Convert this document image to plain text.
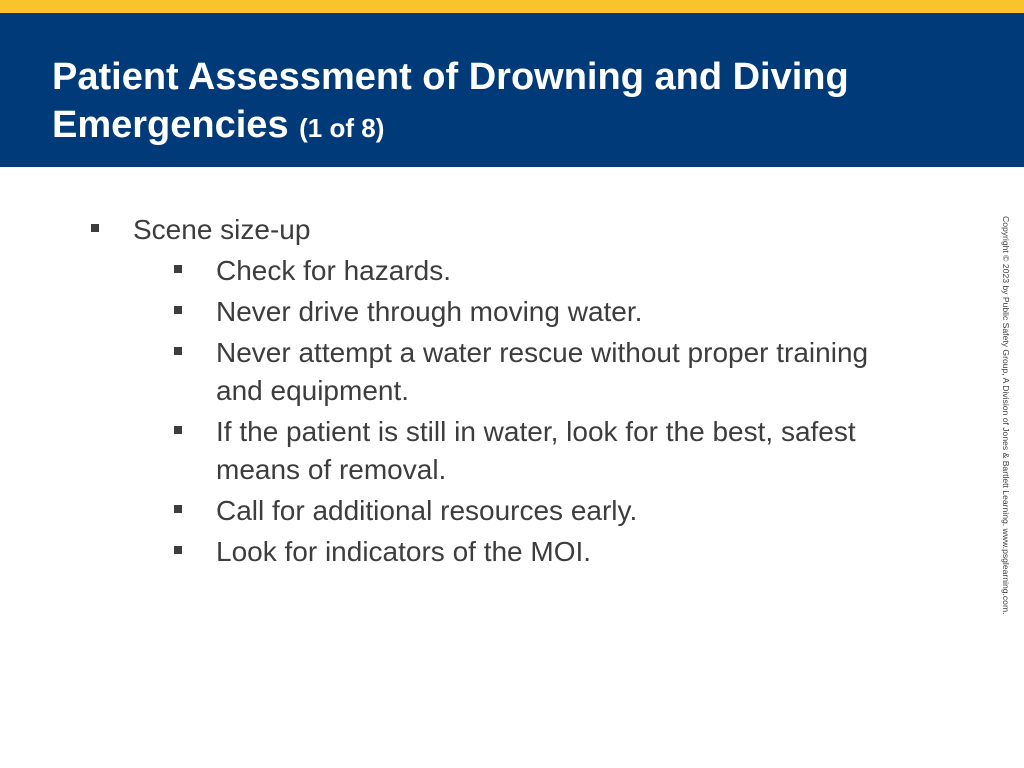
Patient Assessment of Drowning and Diving Emergencies (1 of 8)
Scene size-up
Check for hazards.
Never drive through moving water.
Never attempt a water rescue without proper training and equipment.
If the patient is still in water, look for the best, safest means of removal.
Call for additional resources early.
Look for indicators of the MOI.	Copyright © 2023 by Public Safety Group, A Division of Jones & Bartlett Learning. www.psglearning.com.
